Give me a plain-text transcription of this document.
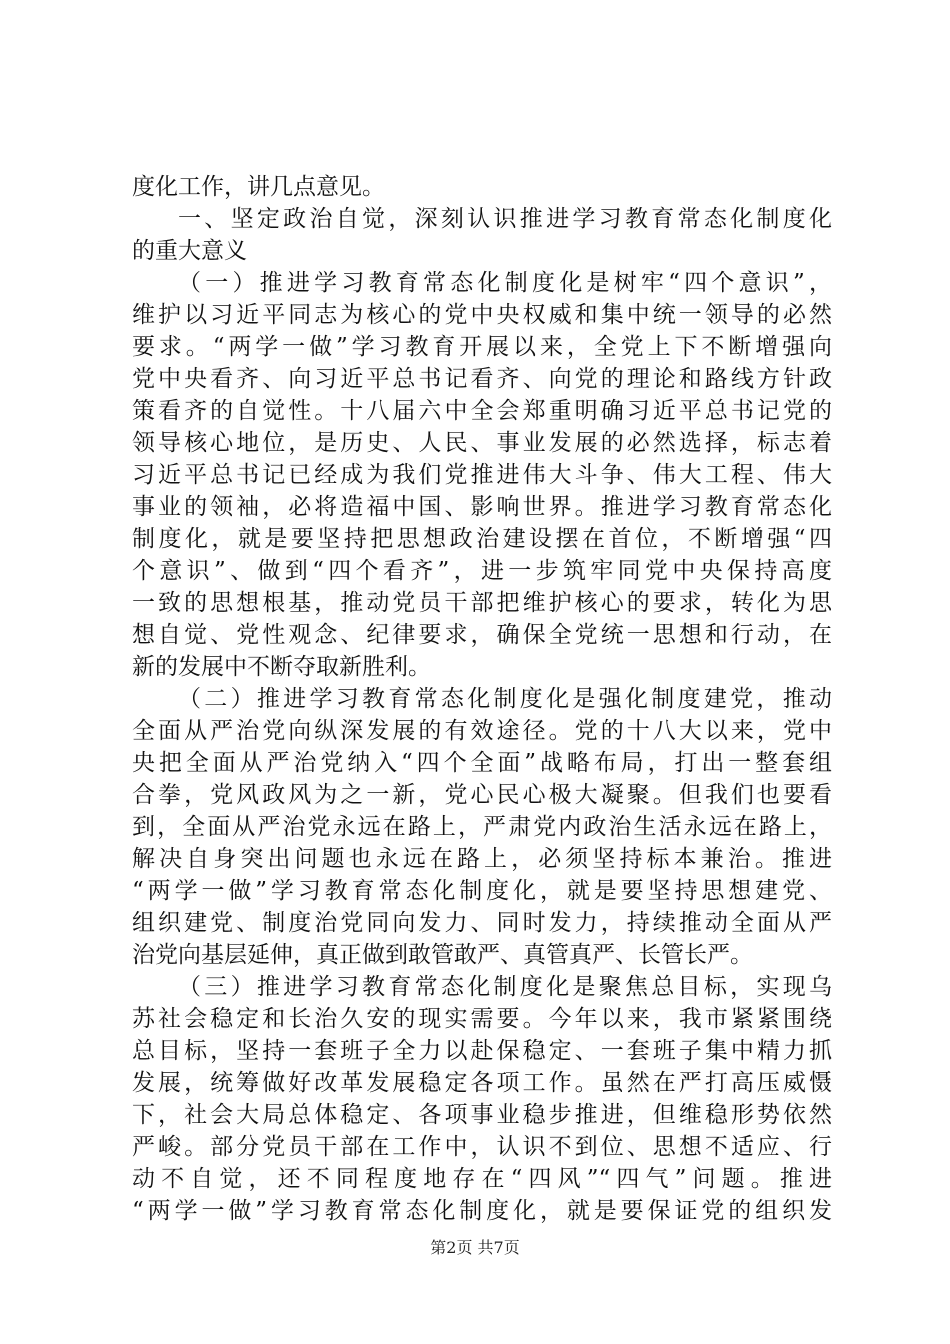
度化工作，讲几点意见。
一、坚定政治自觉，深刻认识推进学习教育常态化制度化
的重大意义
（一）推进学习教育常态化制度化是树牢“四个意识”，
维护以习近平同志为核心的党中央权威和集中统一领导的必然
要求。“两学一做”学习教育开展以来，全党上下不断增强向
党中央看齐、向习近平总书记看齐、向党的理论和路线方针政
策看齐的自觉性。十八届六中全会郑重明确习近平总书记党的
领导核心地位，是历史、人民、事业发展的必然选择，标志着
习近平总书记已经成为我们党推进伟大斗争、伟大工程、伟大
事业的领袖，必将造福中国、影响世界。推进学习教育常态化
制度化，就是要坚持把思想政治建设摆在首位，不断增强“四
个意识”、做到“四个看齐”，进一步筑牢同党中央保持高度
一致的思想根基，推动党员干部把维护核心的要求，转化为思
想自觉、党性观念、纪律要求，确保全党统一思想和行动，在
新的发展中不断夺取新胜利。
（二）推进学习教育常态化制度化是强化制度建党，推动
全面从严治党向纵深发展的有效途径。党的十八大以来，党中
央把全面从严治党纳入“四个全面”战略布局，打出一整套组
合拳，党风政风为之一新，党心民心极大凝聚。但我们也要看
到，全面从严治党永远在路上，严肃党内政治生活永远在路上，
解决自身突出问题也永远在路上，必须坚持标本兼治。推进
“两学一做”学习教育常态化制度化，就是要坚持思想建党、
组织建党、制度治党同向发力、同时发力，持续推动全面从严
治党向基层延伸，真正做到敢管敢严、真管真严、长管长严。
（三）推进学习教育常态化制度化是聚焦总目标，实现乌
苏社会稳定和长治久安的现实需要。今年以来，我市紧紧围绕
总目标，坚持一套班子全力以赴保稳定、一套班子集中精力抓
发展，统筹做好改革发展稳定各项工作。虽然在严打高压威慑
下，社会大局总体稳定、各项事业稳步推进，但维稳形势依然
严峻。部分党员干部在工作中，认识不到位、思想不适应、行
动不自觉，还不同程度地存在“四风”“四气”问题。推进
“两学一做”学习教育常态化制度化，就是要保证党的组织发
第2页 共7页
